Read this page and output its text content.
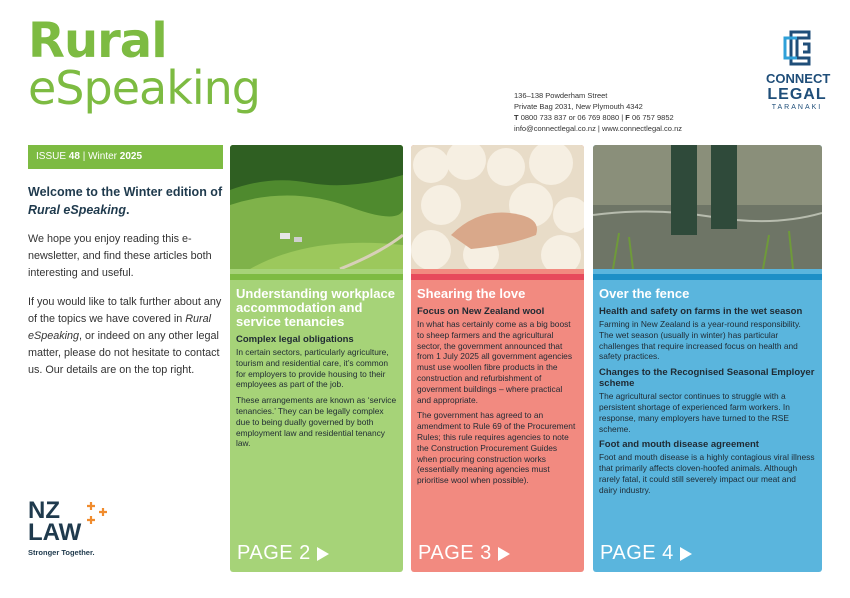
Rural
eSpeaking	136–138 Powderham Street
Private Bag 2031, New Plymouth 4342
T 0800 733 837 or 06 769 8080 | F 06 757 9852
info@connectlegal.co.nz | www.connectlegal.co.nz
CONNECT
LEGAL
TARANAKI
ISSUE 48 | Winter 2025
Welcome to the Winter edition of Rural eSpeaking.

We hope you enjoy reading this e-newsletter, and find these articles both interesting and useful.

If you would like to talk further about any of the topics we have covered in Rural eSpeaking, or indeed on any other legal matter, please do not hesitate to contact us. Our details are on the top right.

NZ
LAW
Stronger Together.
Understanding workplace accommodation and service tenancies
Complex legal obligations

In certain sectors, particularly agriculture, tourism and residential care, it’s common for employers to provide housing to their employees as part of the job.

These arrangements are known as ‘service tenancies.’ They can be legally complex due to being dually governed by both employment law and residential tenancy law.

PAGE 2
Shearing the love
Focus on New Zealand wool

In what has certainly come as a big boost to sheep farmers and the agricultural sector, the government announced that from 1 July 2025 all government agencies must use woollen fibre products in the construction and refurbishment of government buildings – where practical and appropriate.

The government has agreed to an amendment to Rule 69 of the Procurement Rules; this rule requires agencies to note the Construction Procurement Guides when procuring construction works (essentially meaning agencies must prioritise wool when possible).

PAGE 3
Over the fence
Health and safety on farms in the wet season

Farming in New Zealand is a year-round responsibility. The wet season (usually in winter) has particular challenges that require increased focus on health and safety practices.

Changes to the Recognised Seasonal Employer scheme

The agricultural sector continues to struggle with a persistent shortage of experienced farm workers. In response, many employers have turned to the RSE scheme.

Foot and mouth disease agreement

Foot and mouth disease is a highly contagious viral illness that primarily affects cloven-hoofed animals. Although rarely fatal, it could still severely impact our meat and dairy industry.

PAGE 4
